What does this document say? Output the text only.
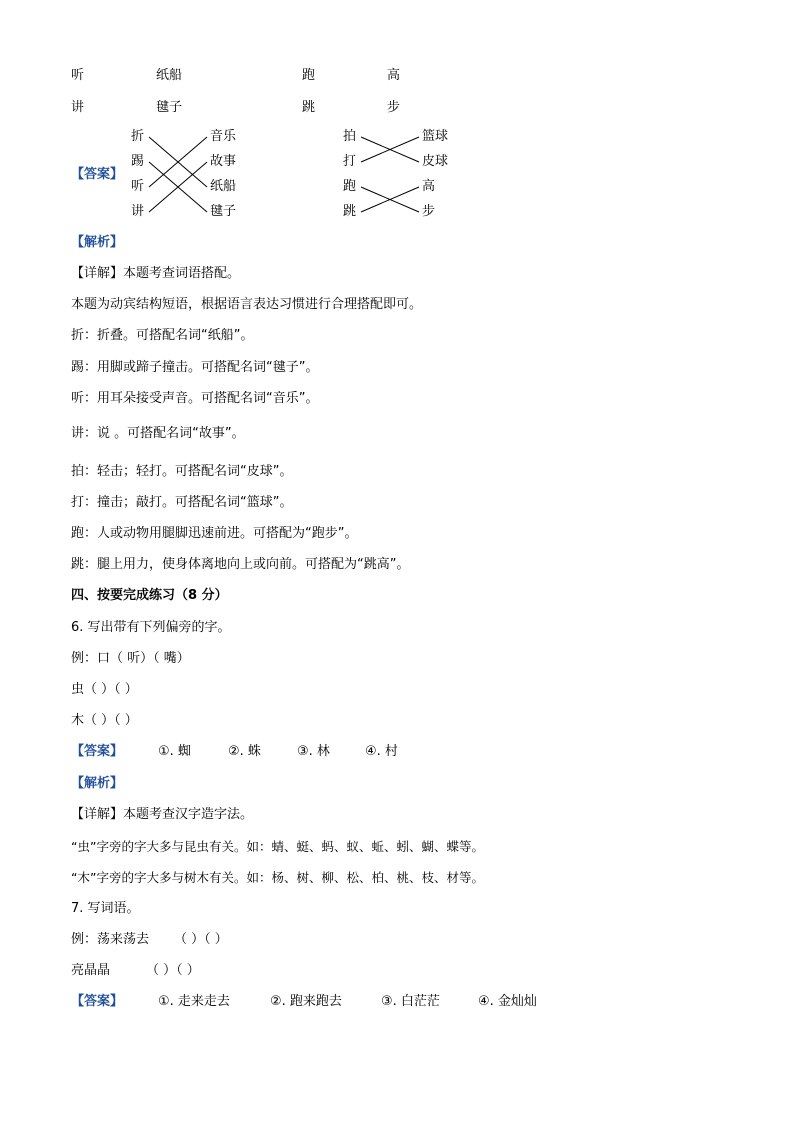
听	纸船	跑	高
讲	毽子	跳	步
【答案】
折
踢
听
讲
音乐
故事
纸船
毽子
拍
打
跑
跳
篮球
皮球
高
步
【解析】
【详解】本题考查词语搭配。
本题为动宾结构短语，根据语言表达习惯进行合理搭配即可。
折：折叠。可搭配名词“纸船”。
踢：用脚或蹄子撞击。可搭配名词“毽子”。
听：用耳朵接受声音。可搭配名词“音乐”。
讲：说 。可搭配名词“故事”。
拍：轻击；轻打。可搭配名词“皮球”。
打：撞击；敲打。可搭配名词“篮球”。
跑：人或动物用腿脚迅速前进。可搭配为“跑步”。
跳：腿上用力，使身体离地向上或向前。可搭配为“跳高”。
四、按要完成练习（8 分）
6. 写出带有下列偏旁的字。
例：口（ 听）（ 嘴）
虫（ ）（ ）
木（ ）（ ）
【答案】	①. 蜘	②. 蛛	③. 林	④. 村
【解析】
【详解】本题考查汉字造字法。
“虫”字旁的字大多与昆虫有关。如：蜻、蜓、蚂、蚁、蚯、蚓、蝴、蝶等。
“木”字旁的字大多与树木有关。如：杨、树、柳、松、柏、桃、枝、材等。
7. 写词语。
例：荡来荡去 （ ）（ ）
亮晶晶	（ ）（ ）
【答案】	①. 走来走去	②. 跑来跑去	③. 白茫茫	④. 金灿灿
